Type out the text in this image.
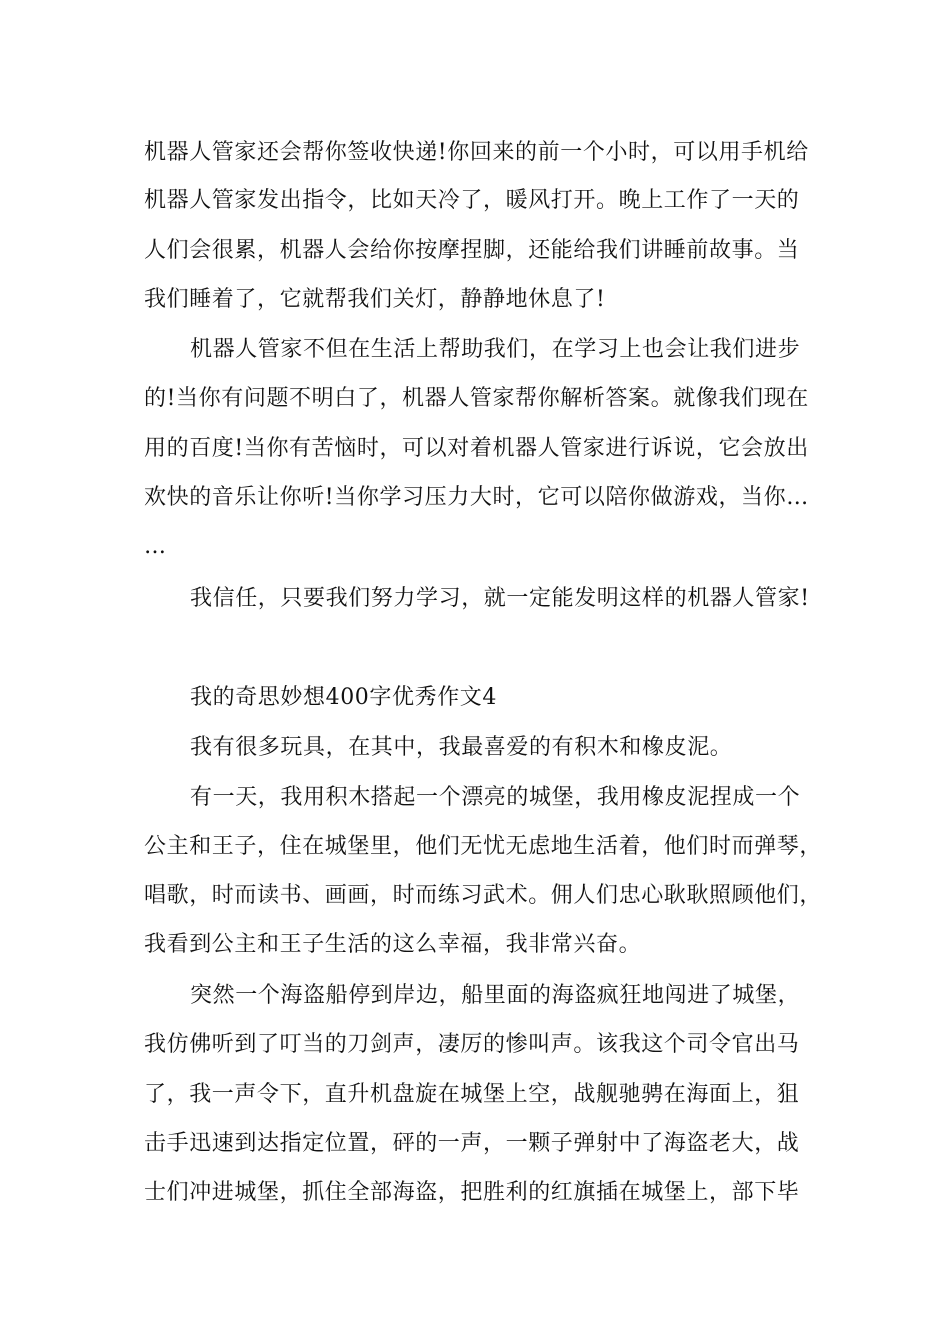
机器人管家还会帮你签收快递!你回来的前一个小时，可以用手机给
机器人管家发出指令，比如天冷了，暖风打开。晚上工作了一天的
人们会很累，机器人会给你按摩捏脚，还能给我们讲睡前故事。当
我们睡着了，它就帮我们关灯，静静地休息了!
机器人管家不但在生活上帮助我们，在学习上也会让我们进步
的!当你有问题不明白了，机器人管家帮你解析答案。就像我们现在
用的百度!当你有苦恼时，可以对着机器人管家进行诉说，它会放出
欢快的音乐让你听!当你学习压力大时，它可以陪你做游戏，当你…
…
我信任，只要我们努力学习，就一定能发明这样的机器人管家!
我的奇思妙想400字优秀作文4
我有很多玩具，在其中，我最喜爱的有积木和橡皮泥。
有一天，我用积木搭起一个漂亮的城堡，我用橡皮泥捏成一个
公主和王子，住在城堡里，他们无忧无虑地生活着，他们时而弹琴，
唱歌，时而读书、画画，时而练习武术。佣人们忠心耿耿照顾他们，
我看到公主和王子生活的这么幸福，我非常兴奋。
突然一个海盗船停到岸边，船里面的海盗疯狂地闯进了城堡，
我仿佛听到了叮当的刀剑声，凄厉的惨叫声。该我这个司令官出马
了，我一声令下，直升机盘旋在城堡上空，战舰驰骋在海面上，狙
击手迅速到达指定位置，砰的一声，一颗子弹射中了海盗老大，战
士们冲进城堡，抓住全部海盗，把胜利的红旗插在城堡上，部下毕
